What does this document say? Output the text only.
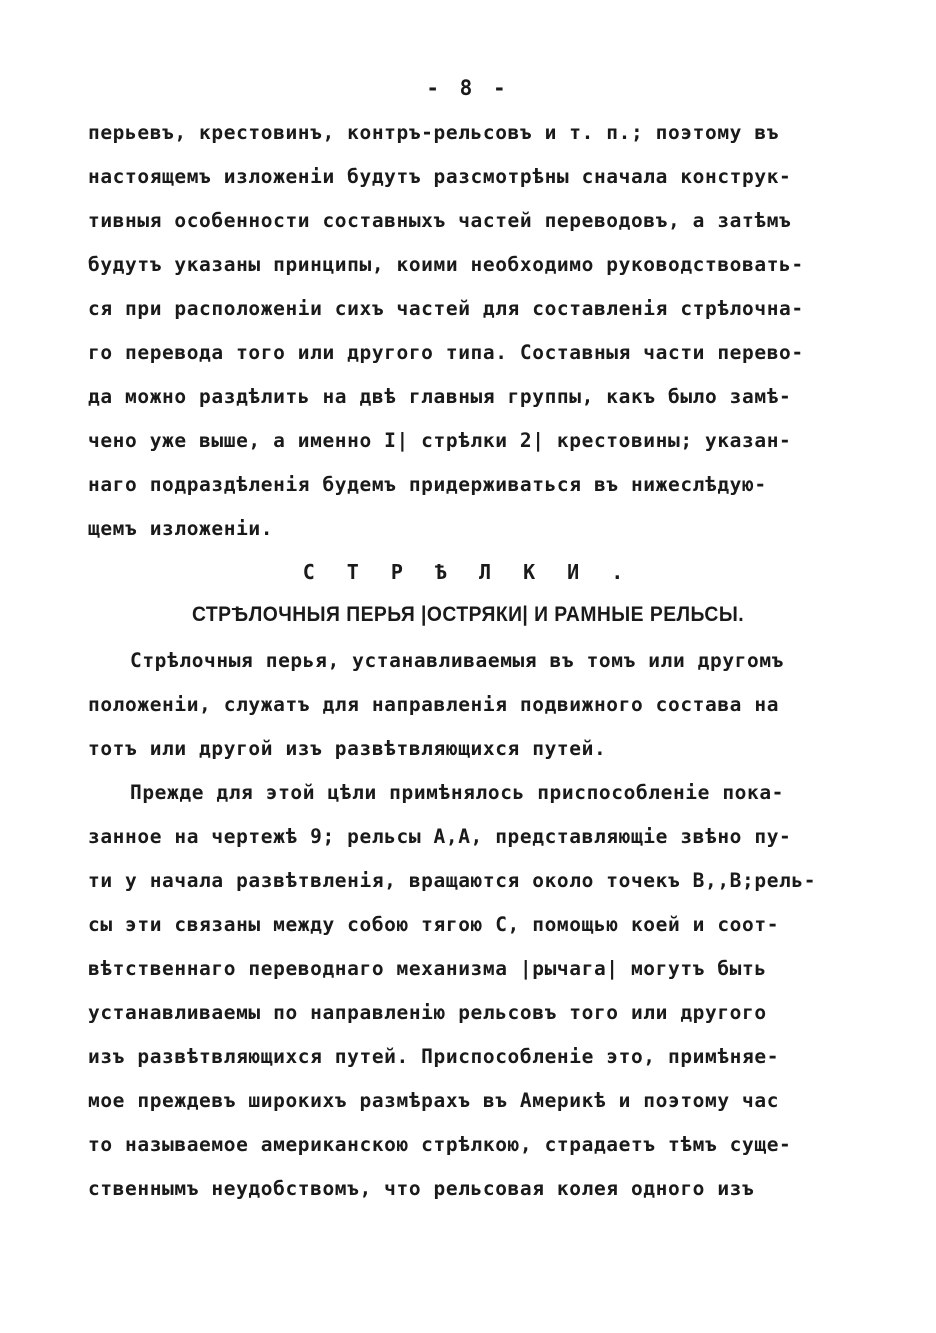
- 8 -
перьевъ, крестовинъ, контръ-рельсовъ и т. п.; поэтому въ
настоящемъ изложенiи будутъ разсмотрѣны сначала конструк-
тивныя особенности составныхъ частей переводовъ, а затѣмъ
будутъ указаны принципы, коими необходимо руководствовать-
ся при расположенiи сихъ частей для составленiя стрѣлочна-
го перевода того или другого типа. Составныя части перево-
да можно раздѣлить на двѣ главныя группы, какъ было замѣ-
чено уже выше, а именно I| стрѣлки 2| крестовины; указан-
наго подраздѣленiя будемъ придерживаться въ нижеслѣдую-
щемъ изложенiи.
С Т Р Ѣ Л К И .
СТРѢЛОЧНЫЯ ПЕРЬЯ |ОСТРЯКИ| И РАМНЫЕ РЕЛЬСЫ.
Стрѣлочныя перья, устанавливаемыя въ томъ или другомъ
положенiи, служатъ для направленiя подвижного состава на
тотъ или другой изъ развѣтвляющихся путей.
Прежде для этой цѣли примѣнялось приспособленiе пока-
занное на чертежѣ 9; рельсы A,A, представляющiе звѣно пу-
ти у начала развѣтвленiя, вращаются около точекъ B,,B;рель-
сы эти связаны между собою тягою C, помощью коей и соот-
вѣтственнаго переводнаго механизма |рычага| могутъ быть
устанавливаемы по направленiю рельсовъ того или другого
изъ развѣтвляющихся путей. Приспособленiе это, примѣняе-
мое преждевъ широкихъ размѣрахъ въ Америкѣ и поэтому час
то называемое американскою стрѣлкою, страдаетъ тѣмъ суще-
ственнымъ неудобствомъ, что рельсовая колея одного изъ
